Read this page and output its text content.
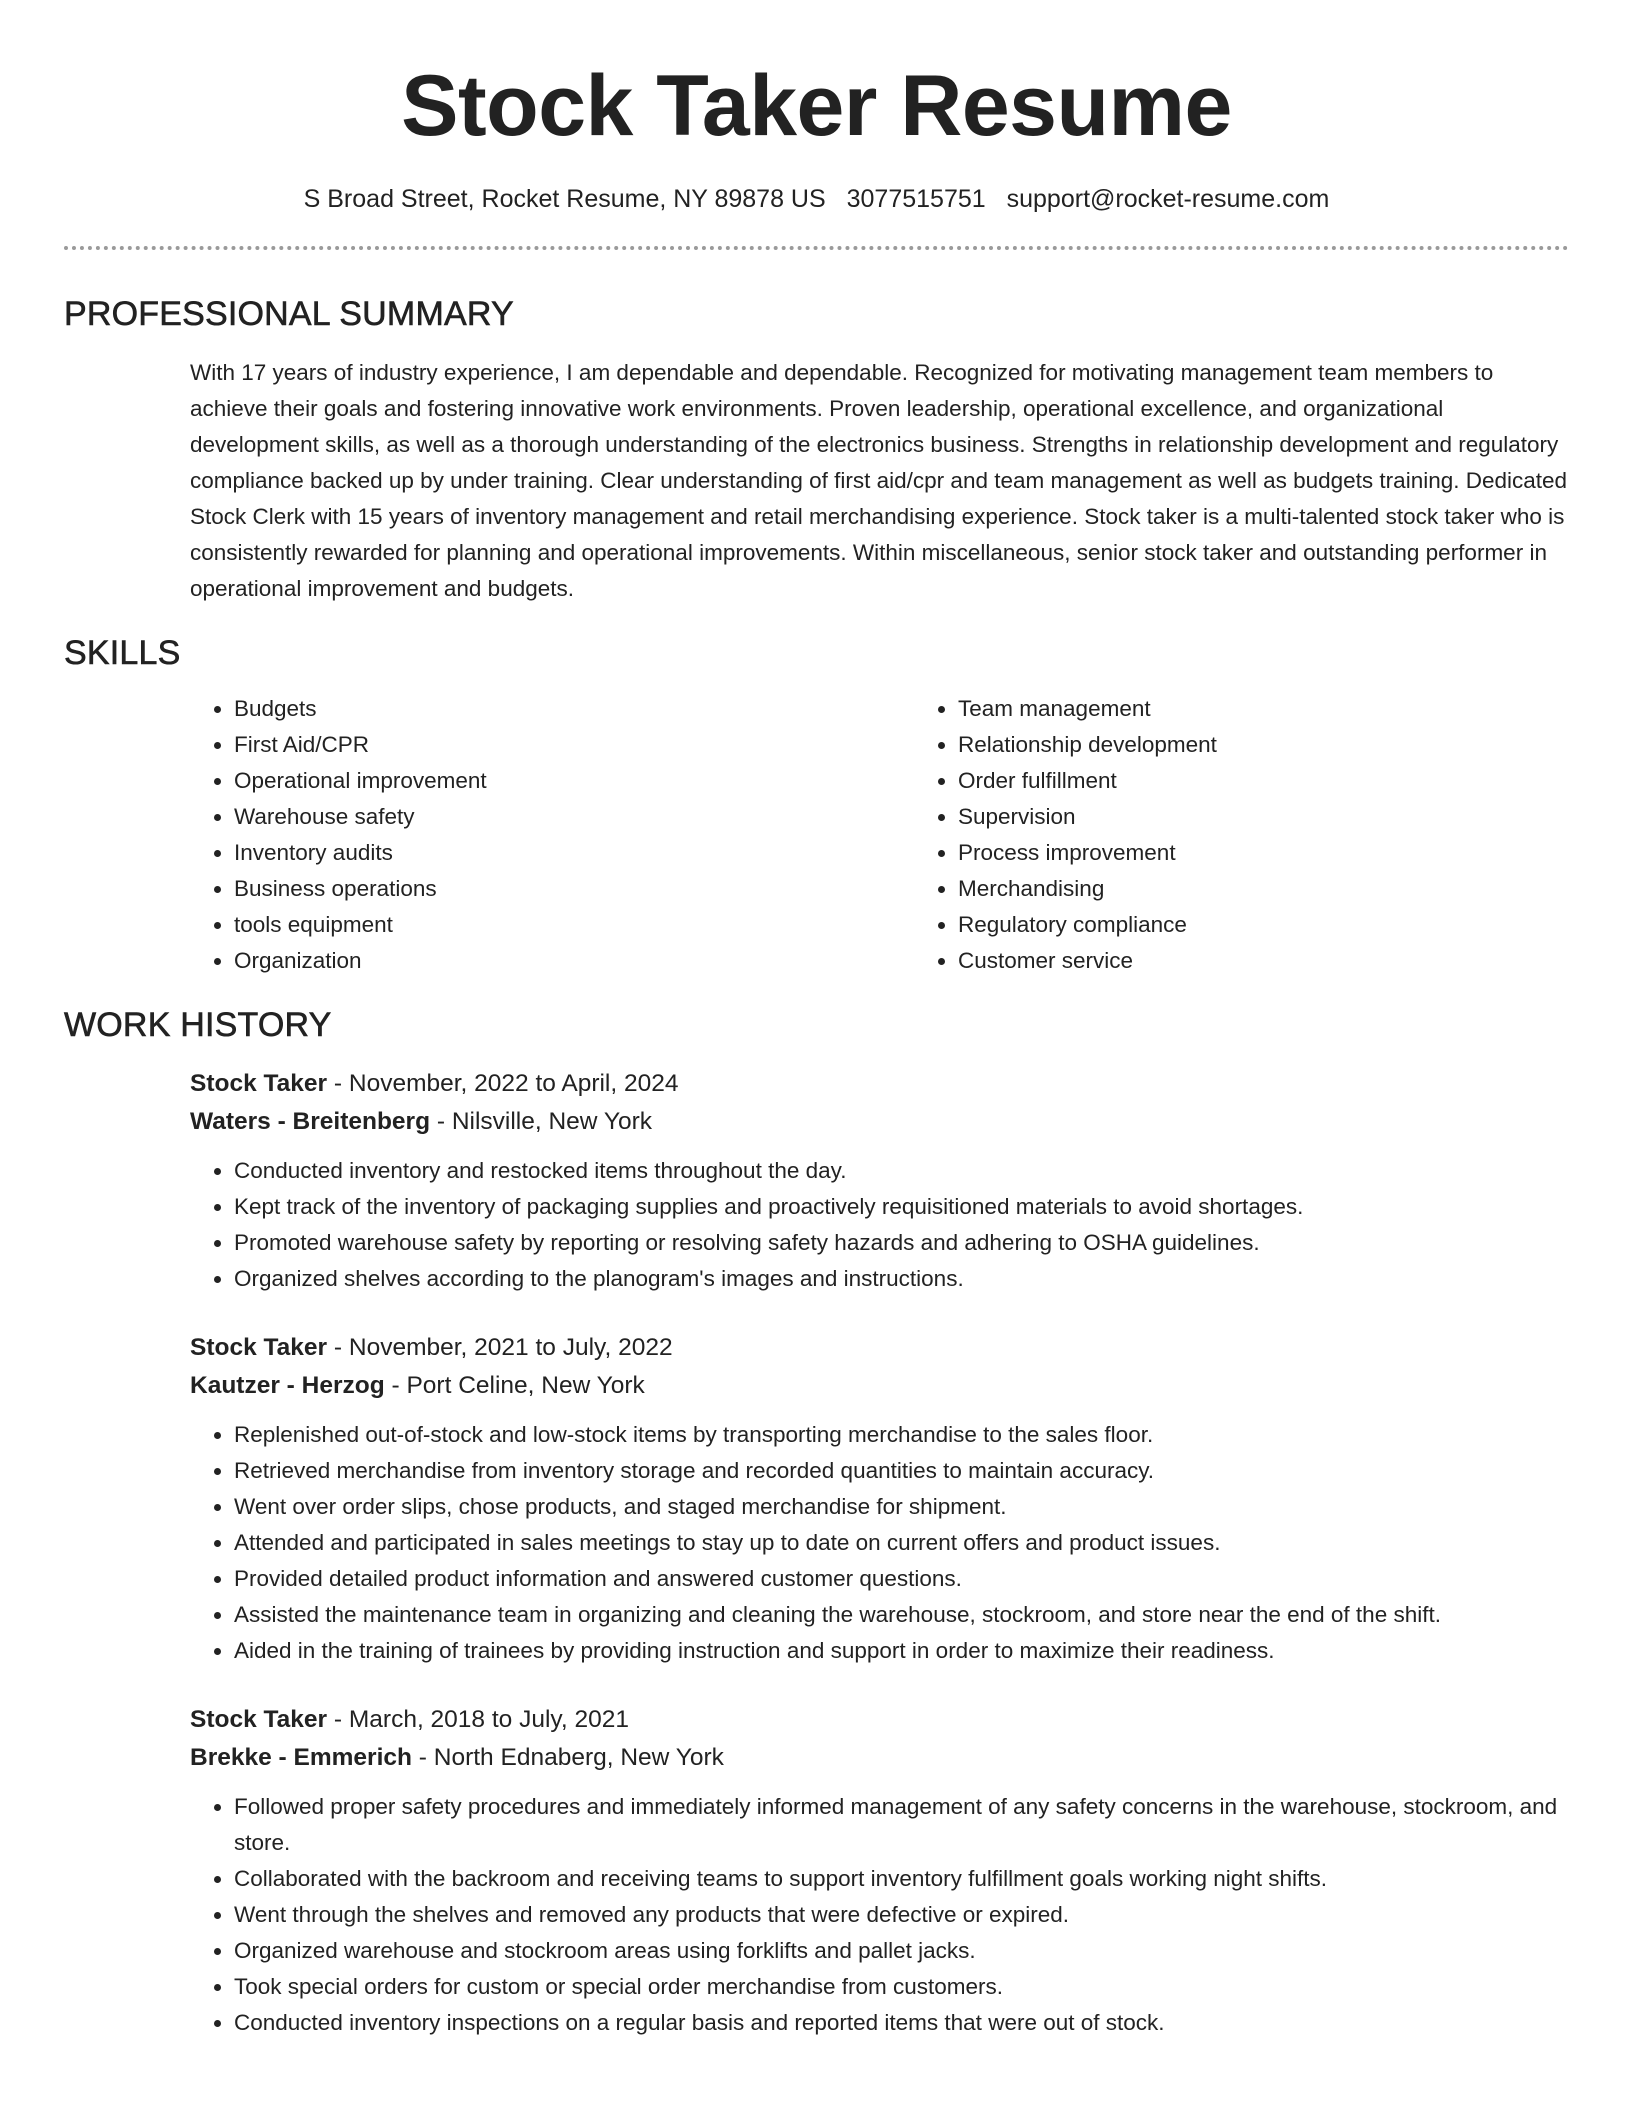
Stock Taker Resume
S Broad Street, Rocket Resume, NY 89878 US 3077515751 support@rocket-resume.com
PROFESSIONAL SUMMARY

With 17 years of industry experience, I am dependable and dependable. Recognized for motivating management team members to achieve their goals and fostering innovative work environments. Proven leadership, operational excellence, and organizational development skills, as well as a thorough understanding of the electronics business. Strengths in relationship development and regulatory compliance backed up by under training. Clear understanding of first aid/cpr and team management as well as budgets training. Dedicated Stock Clerk with 15 years of inventory management and retail merchandising experience. Stock taker is a multi-talented stock taker who is consistently rewarded for planning and operational improvements. Within miscellaneous, senior stock taker and outstanding performer in operational improvement and budgets.

SKILLS
• Budgets
• First Aid/CPR
• Operational improvement
• Warehouse safety
• Inventory audits
• Business operations
• tools equipment
• Organization
• Team management
• Relationship development
• Order fulfillment
• Supervision
• Process improvement
• Merchandising
• Regulatory compliance
• Customer service
WORK HISTORY

Stock Taker - November, 2022 to April, 2024

Waters - Breitenberg - Nilsville, New York

• Conducted inventory and restocked items throughout the day.
• Kept track of the inventory of packaging supplies and proactively requisitioned materials to avoid shortages.
• Promoted warehouse safety by reporting or resolving safety hazards and adhering to OSHA guidelines.
• Organized shelves according to the planogram's images and instructions.

Stock Taker - November, 2021 to July, 2022

Kautzer - Herzog - Port Celine, New York

• Replenished out-of-stock and low-stock items by transporting merchandise to the sales floor.
• Retrieved merchandise from inventory storage and recorded quantities to maintain accuracy.
• Went over order slips, chose products, and staged merchandise for shipment.
• Attended and participated in sales meetings to stay up to date on current offers and product issues.
• Provided detailed product information and answered customer questions.
• Assisted the maintenance team in organizing and cleaning the warehouse, stockroom, and store near the end of the shift.
• Aided in the training of trainees by providing instruction and support in order to maximize their readiness.

Stock Taker - March, 2018 to July, 2021

Brekke - Emmerich - North Ednaberg, New York

• Followed proper safety procedures and immediately informed management of any safety concerns in the warehouse, stockroom, and store.
• Collaborated with the backroom and receiving teams to support inventory fulfillment goals working night shifts.
• Went through the shelves and removed any products that were defective or expired.
• Organized warehouse and stockroom areas using forklifts and pallet jacks.
• Took special orders for custom or special order merchandise from customers.
• Conducted inventory inspections on a regular basis and reported items that were out of stock.
